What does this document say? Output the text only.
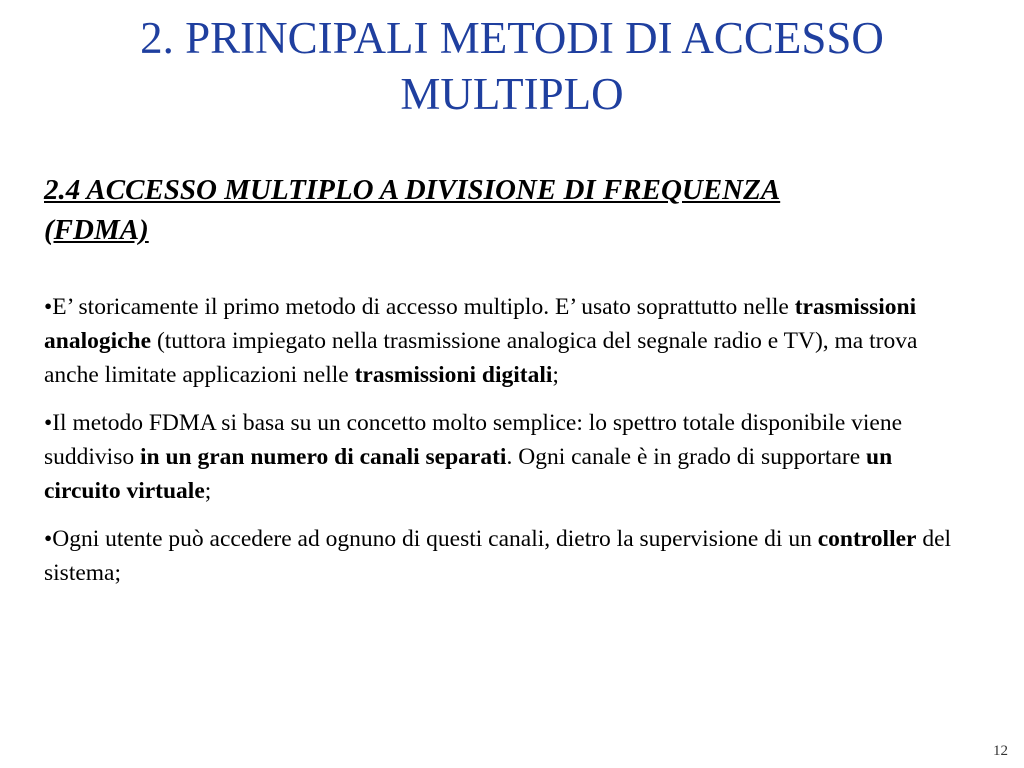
2. PRINCIPALI METODI DI ACCESSO
MULTIPLO
2.4 ACCESSO MULTIPLO A DIVISIONE DI FREQUENZA
(FDMA)
•E’ storicamente il primo metodo di accesso multiplo. E’ usato soprattutto nelle trasmissioni analogiche (tuttora impiegato nella trasmissione analogica del segnale radio e TV), ma trova anche limitate applicazioni nelle trasmissioni digitali;
•Il metodo FDMA si basa su un concetto molto semplice: lo spettro totale disponibile viene suddiviso in un gran numero di canali separati. Ogni canale è in grado di supportare un circuito virtuale;
•Ogni utente può accedere ad ognuno di questi canali, dietro la supervisione di un controller del sistema;
12
